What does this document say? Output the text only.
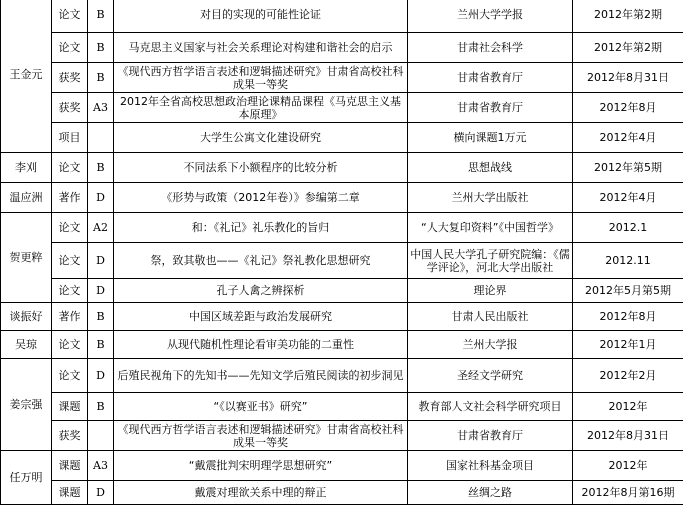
王金元	论文	B	对目的实现的可能性论证	兰州大学学报	2012年第2期
	论文	B	马克思主义国家与社会关系理论对构建和谐社会的启示	甘肃社会科学	2012年第2期
	获奖	B	《现代西方哲学语言表述和逻辑描述研究》甘肃省高校社科成果一等奖	甘肃省教育厅	2012年8月31日
	获奖	A3	2012年全省高校思想政治理论课精品课程《马克思主义基本原理》	甘肃省教育厅	2012年8月
	项目		大学生公寓文化建设研究	横向课题1万元	2012年4月
李刈	论文	B	不同法系下小额程序的比较分析	思想战线	2012年第5期
温应洲	著作	D	《形势与政策（2012年卷）》参编第二章	兰州大学出版社	2012年4月
贺更粹	论文	A2	和：《礼记》礼乐教化的旨归	“人大复印资料”《中国哲学》	2012.1
	论文	D	祭，致其敬也——《礼记》祭礼教化思想研究	中国人民大学孔子研究院编：《儒学评论》，河北大学出版社	2012.11
	论文	D	孔子人禽之辨探析	理论界	2012年5月第5期
谈振好	著作	B	中国区域差距与政治发展研究	甘肃人民出版社	2012年8月
吴琼	论文	B	从现代随机性理论看审美功能的二重性	兰州大学报	2012年1月
姜宗强	论文	D	后殖民视角下的先知书——先知文学后殖民阅读的初步洞见	圣经文学研究	2012年2月
	课题	B	“《以赛亚书》研究”	教育部人文社会科学研究项目	2012年
	获奖		《现代西方哲学语言表述和逻辑描述研究》甘肃省高校社科成果一等奖	甘肃省教育厅	2012年8月31日
任万明	课题	A3	“戴震批判宋明理学思想研究”	国家社科基金项目	2012年
	课题	D	戴震对理欲关系中理的辩正	丝绸之路	2012年8月第16期
